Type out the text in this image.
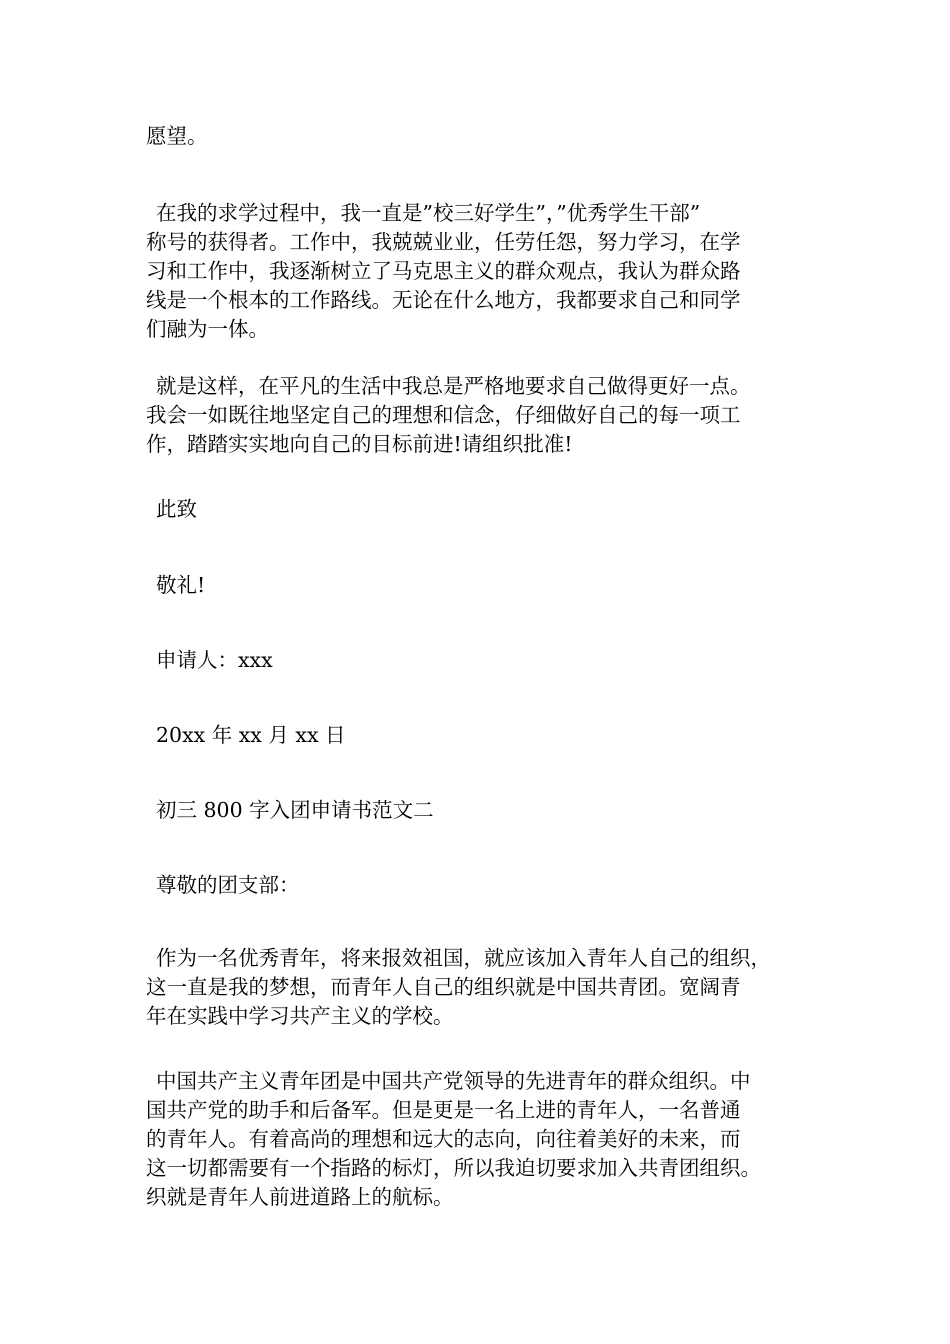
愿望。

在我的求学过程中，我一直是”校三好学生”，”优秀学生干部”
称号的获得者。工作中，我兢兢业业，任劳任怨，努力学习，在学
习和工作中，我逐渐树立了马克思主义的群众观点，我认为群众路
线是一个根本的工作路线。无论在什么地方，我都要求自己和同学
们融为一体。

就是这样，在平凡的生活中我总是严格地要求自己做得更好一点。
我会一如既往地坚定自己的理想和信念，仔细做好自己的每一项工
作，踏踏实实地向自己的目标前进!请组织批准!

此致

敬礼!

申请人：xxx

20xx 年 xx 月 xx 日

初三 800 字入团申请书范文二

尊敬的团支部：

作为一名优秀青年，将来报效祖国，就应该加入青年人自己的组织，
这一直是我的梦想，而青年人自己的组织就是中国共青团。宽阔青
年在实践中学习共产主义的学校。

中国共产主义青年团是中国共产党领导的先进青年的群众组织。中
国共产党的助手和后备军。但是更是一名上进的青年人，一名普通
的青年人。有着高尚的理想和远大的志向，向往着美好的未来，而
这一切都需要有一个指路的标灯，所以我迫切要求加入共青团组织。
织就是青年人前进道路上的航标。
